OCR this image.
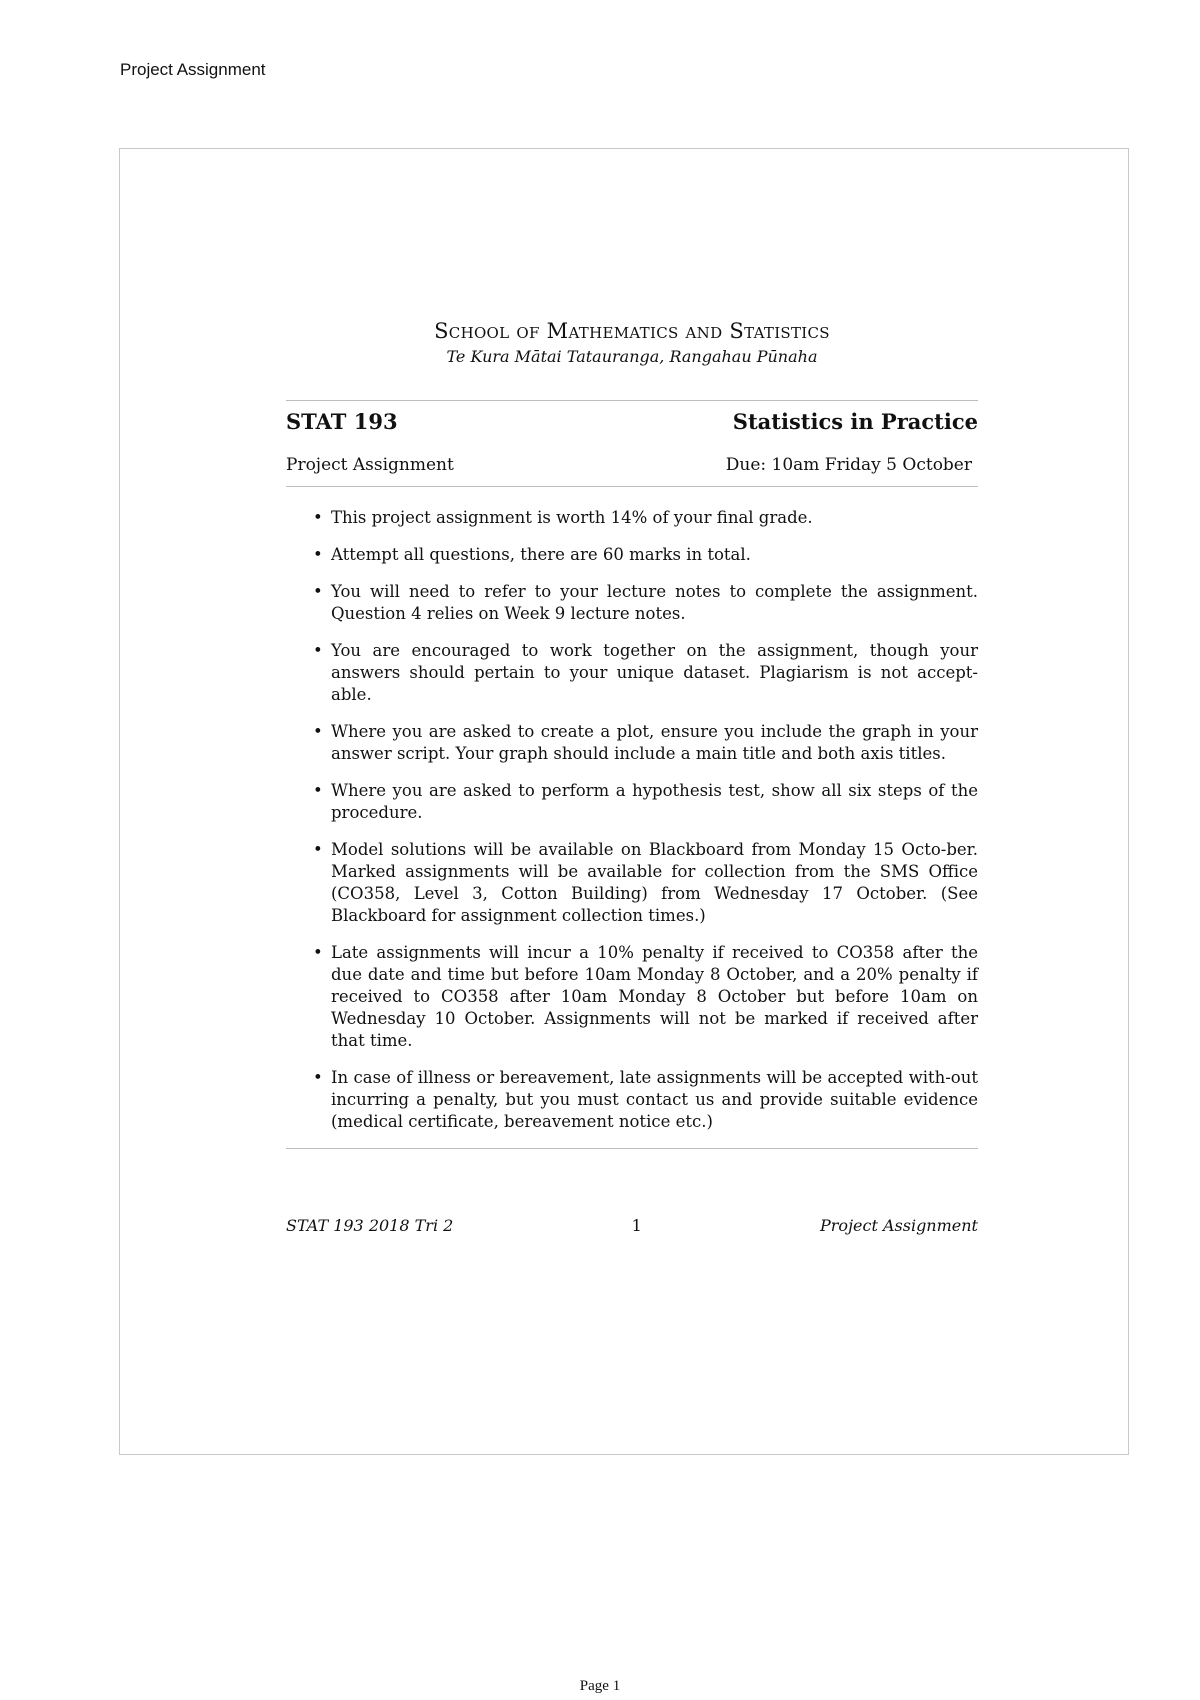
Project Assignment
School of Mathematics and Statistics
Te Kura Mātai Tatauranga, Rangahau Pūnaha
STAT 193	Statistics in Practice
Project Assignment	Due: 10am Friday 5 October
• This project assignment is worth 14% of your final grade.
• Attempt all questions, there are 60 marks in total.
• You will need to refer to your lecture notes to complete the assignment. Question 4 relies on Week 9 lecture notes.
• You are encouraged to work together on the assignment, though your answers should pertain to your unique dataset. Plagiarism is not accept-able.
• Where you are asked to create a plot, ensure you include the graph in your answer script. Your graph should include a main title and both axis titles.
• Where you are asked to perform a hypothesis test, show all six steps of the procedure.
• Model solutions will be available on Blackboard from Monday 15 Octo-ber. Marked assignments will be available for collection from the SMS Office (CO358, Level 3, Cotton Building) from Wednesday 17 October. (See Blackboard for assignment collection times.)
• Late assignments will incur a 10% penalty if received to CO358 after the due date and time but before 10am Monday 8 October, and a 20% penalty if received to CO358 after 10am Monday 8 October but before 10am on Wednesday 10 October. Assignments will not be marked if received after that time.
• In case of illness or bereavement, late assignments will be accepted with-out incurring a penalty, but you must contact us and provide suitable evidence (medical certificate, bereavement notice etc.)
STAT 193 2018 Tri 2	1	Project Assignment
Page 1
